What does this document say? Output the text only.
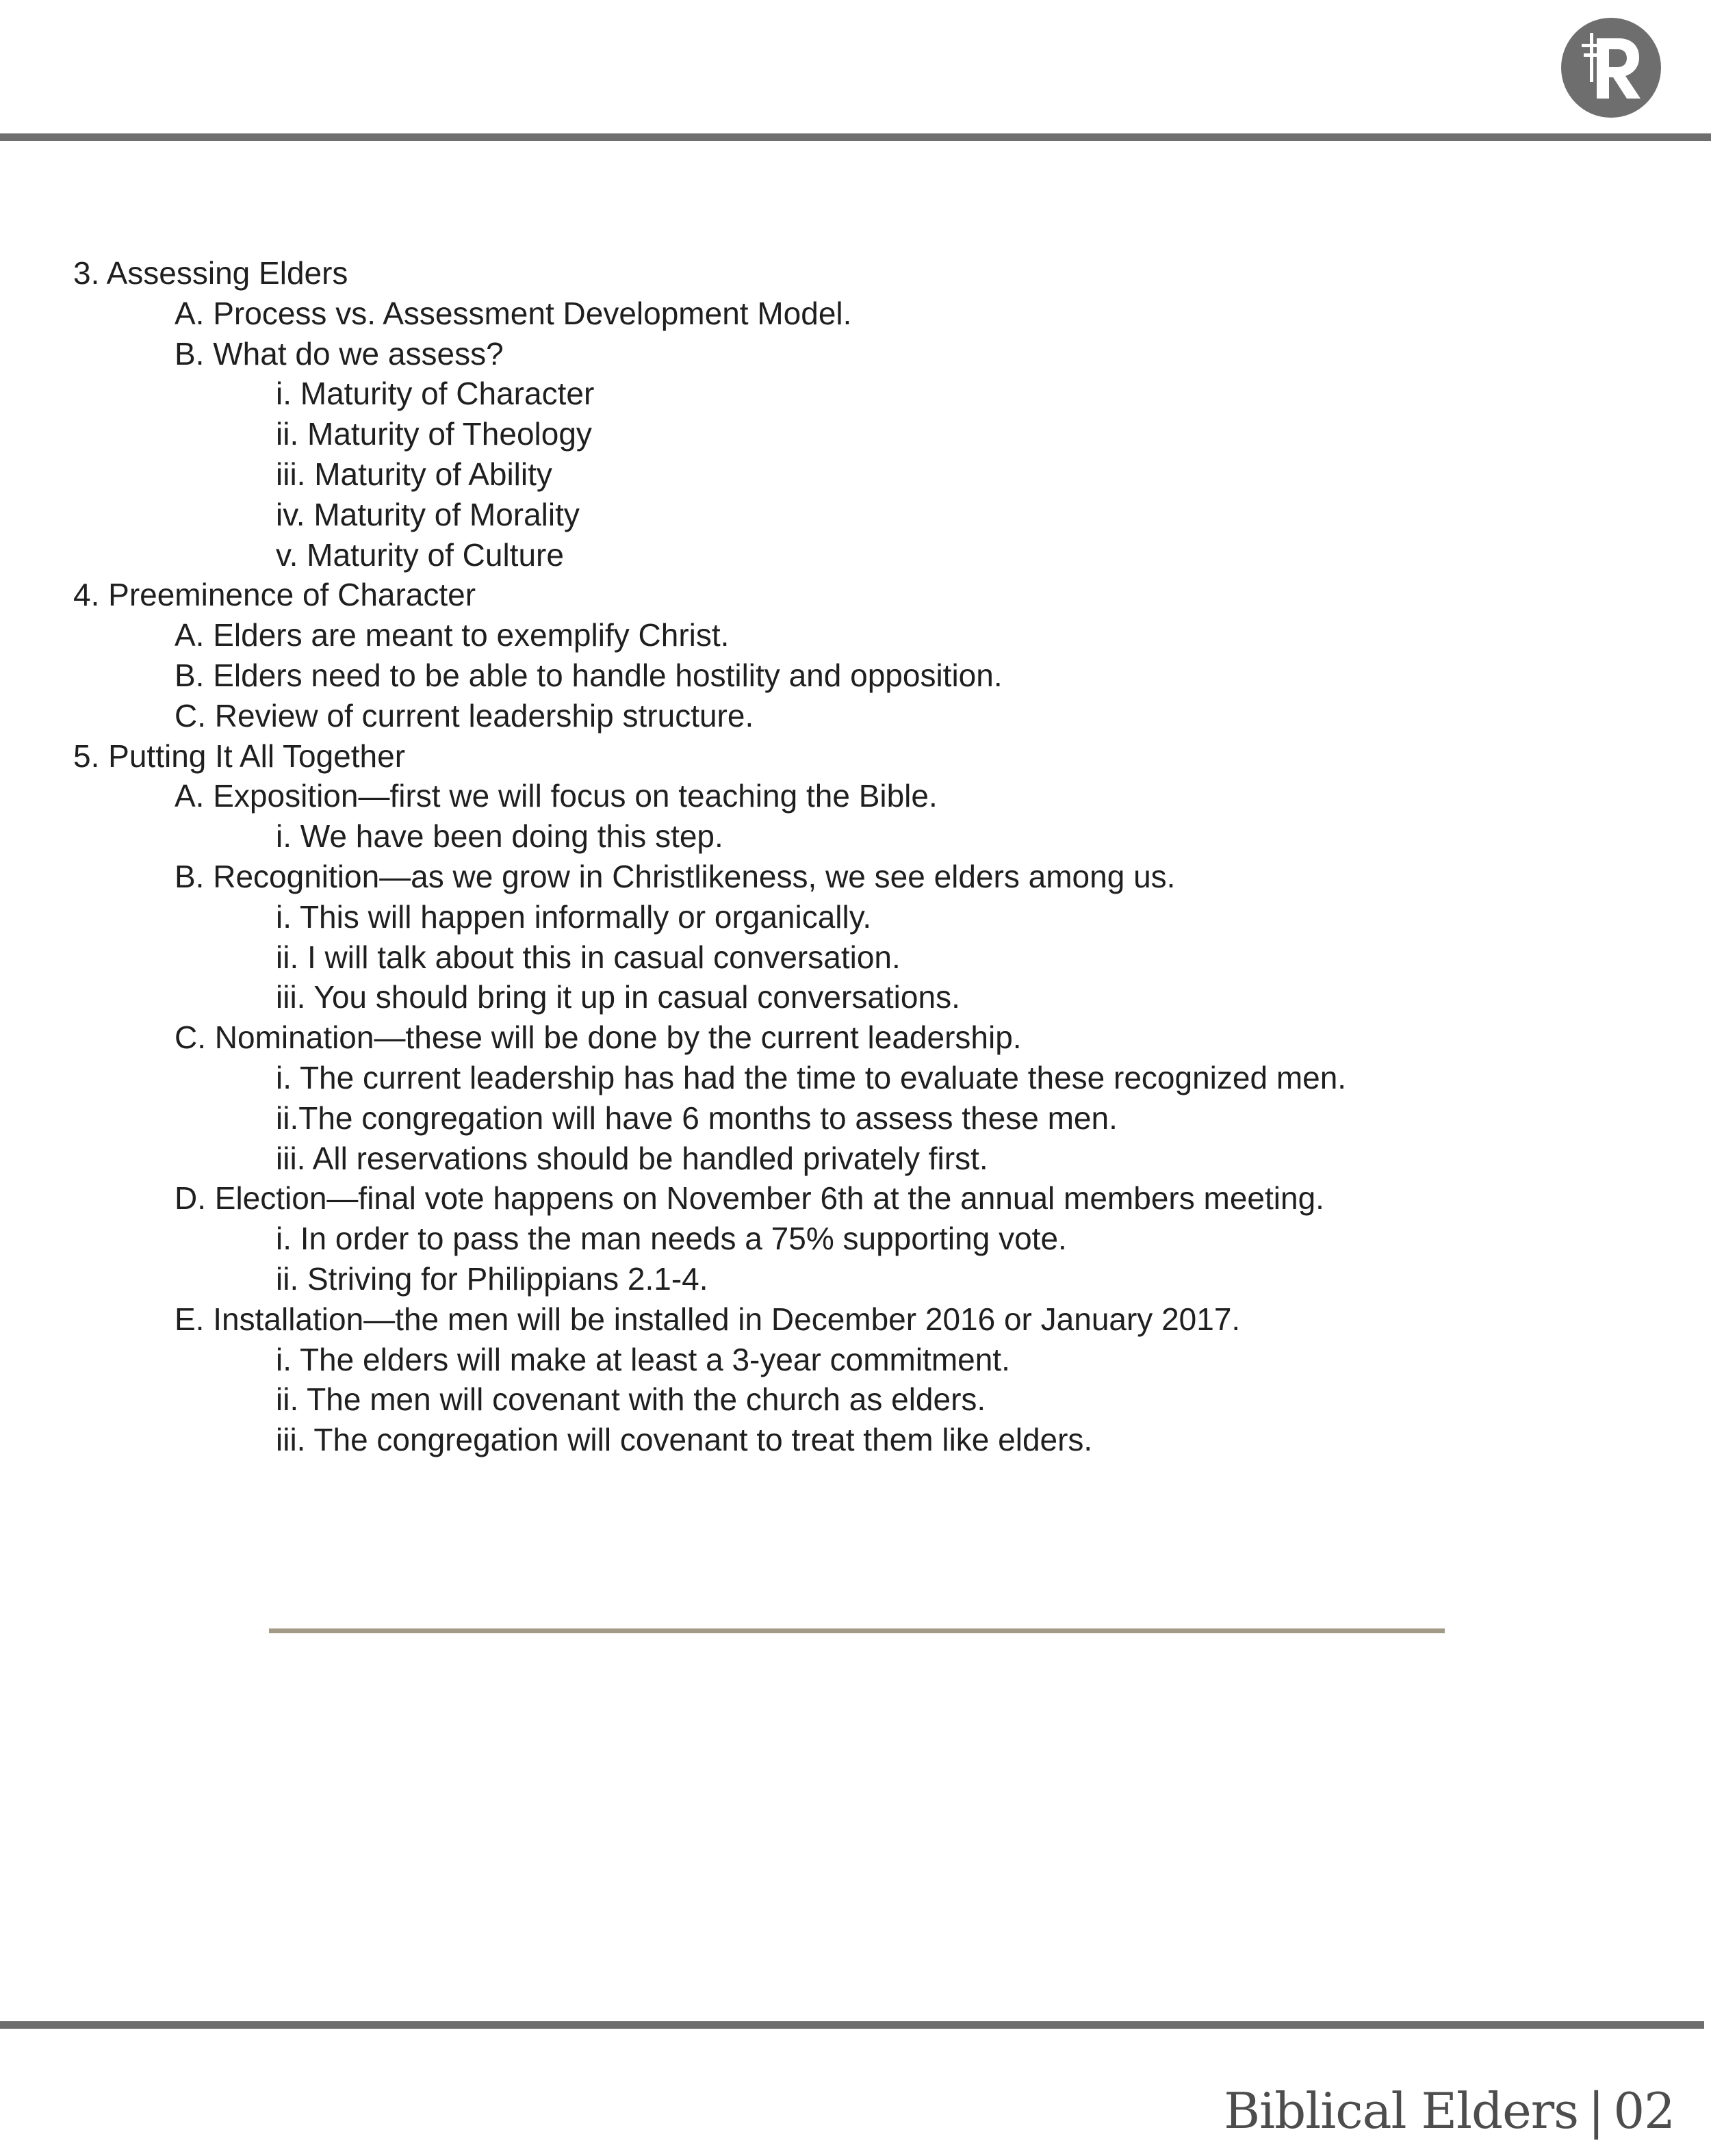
3. Assessing Elders
A. Process vs. Assessment Development Model.
B. What do we assess?
i. Maturity of Character
ii. Maturity of Theology
iii. Maturity of Ability
iv. Maturity of Morality
v. Maturity of Culture
4. Preeminence of Character
A. Elders are meant to exemplify Christ.
B. Elders need to be able to handle hostility and opposition.
C. Review of current leadership structure.
5. Putting It All Together
A. Exposition—first we will focus on teaching the Bible.
i. We have been doing this step.
B. Recognition—as we grow in Christlikeness, we see elders among us.
i. This will happen informally or organically.
ii. I will talk about this in casual conversation.
iii. You should bring it up in casual conversations.
C. Nomination—these will be done by the current leadership.
i. The current leadership has had the time to evaluate these recognized men.
ii.The congregation will have 6 months to assess these men.
iii. All reservations should be handled privately first.
D. Election—final vote happens on November 6th at the annual members meeting.
i. In order to pass the man needs a 75% supporting vote.
ii. Striving for Philippians 2.1-4.
E. Installation—the men will be installed in December 2016 or January 2017.
i. The elders will make at least a 3-year commitment.
ii. The men will covenant with the church as elders.
iii. The congregation will covenant to treat them like elders.
Biblical Elders | 02
